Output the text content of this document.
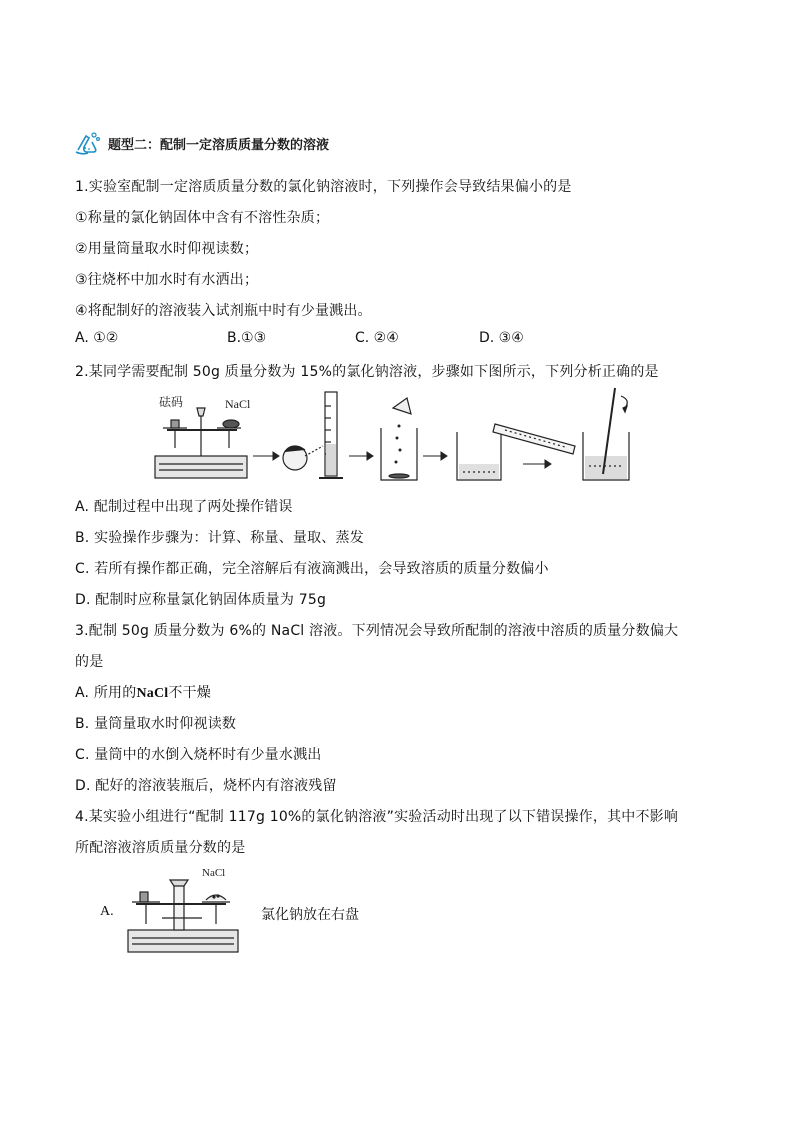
题型二：配制一定溶质质量分数的溶液
1.实验室配制一定溶质质量分数的氯化钠溶液时，下列操作会导致结果偏小的是
①称量的氯化钠固体中含有不溶性杂质；
②用量筒量取水时仰视读数；
③往烧杯中加水时有水洒出；
④将配制好的溶液装入试剂瓶中时有少量溅出。
A. ①②	B.①③	C. ②④	D. ③④
2.某同学需要配制 50g 质量分数为 15%的氯化钠溶液，步骤如下图所示，下列分析正确的是
砝码	NaCl
A. 配制过程中出现了两处操作错误
B. 实验操作步骤为：计算、称量、量取、蒸发
C. 若所有操作都正确，完全溶解后有液滴溅出，会导致溶质的质量分数偏小
D. 配制时应称量氯化钠固体质量为 75g
3.配制 50g 质量分数为 6%的 NaCl 溶液。下列情况会导致所配制的溶液中溶质的质量分数偏大
的是
A. 所用的NaCl不干燥
B. 量筒量取水时仰视读数
C. 量筒中的水倒入烧杯时有少量水溅出
D. 配好的溶液装瓶后，烧杯内有溶液残留
4.某实验小组进行“配制 117g 10%的氯化钠溶液”实验活动时出现了以下错误操作，其中不影响
所配溶液溶质质量分数的是
A.
NaCl
氯化钠放在右盘
